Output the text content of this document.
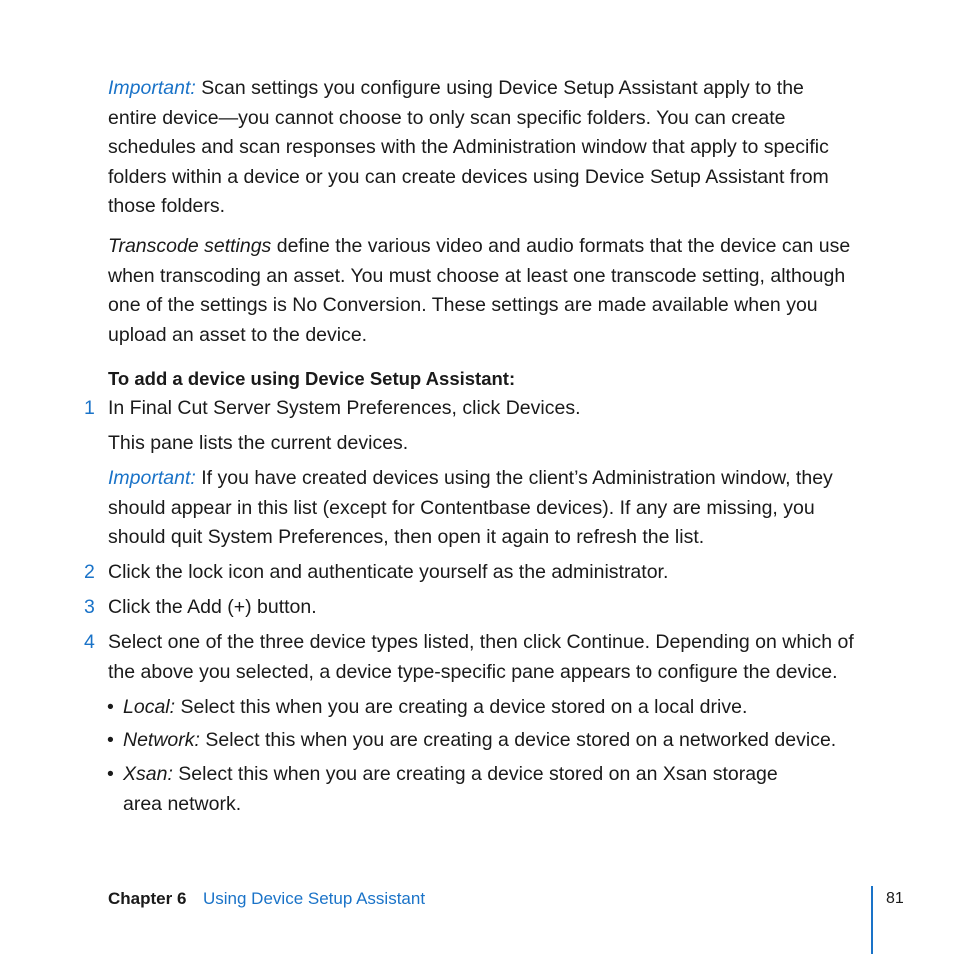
Important: Scan settings you configure using Device Setup Assistant apply to the
entire device—you cannot choose to only scan specific folders. You can create
schedules and scan responses with the Administration window that apply to specific
folders within a device or you can create devices using Device Setup Assistant from
those folders.
Transcode settings define the various video and audio formats that the device can use
when transcoding an asset. You must choose at least one transcode setting, although
one of the settings is No Conversion. These settings are made available when you
upload an asset to the device.
To add a device using Device Setup Assistant:
1 In Final Cut Server System Preferences, click Devices.
This pane lists the current devices.
Important: If you have created devices using the client’s Administration window, they
should appear in this list (except for Contentbase devices). If any are missing, you
should quit System Preferences, then open it again to refresh the list.
2 Click the lock icon and authenticate yourself as the administrator.
3 Click the Add (+) button.
4 Select one of the three device types listed, then click Continue. Depending on which of
the above you selected, a device type-specific pane appears to configure the device.
• Local: Select this when you are creating a device stored on a local drive.
• Network: Select this when you are creating a device stored on a networked device.
• Xsan: Select this when you are creating a device stored on an Xsan storage
area network.
Chapter 6 Using Device Setup Assistant	81
